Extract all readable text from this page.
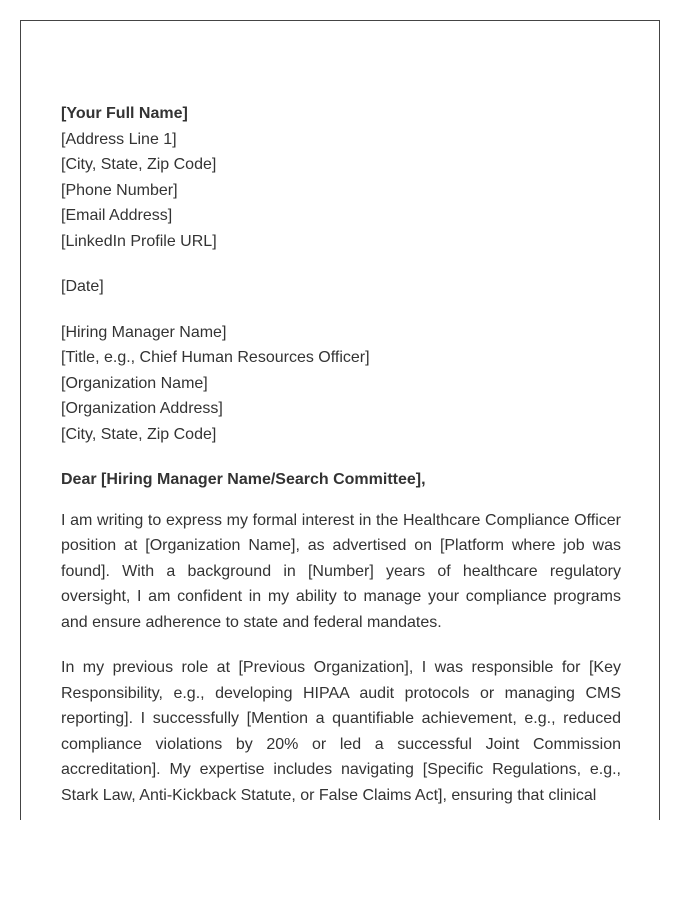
[Your Full Name]
[Address Line 1]
[City, State, Zip Code]
[Phone Number]
[Email Address]
[LinkedIn Profile URL]
[Date]
[Hiring Manager Name]
[Title, e.g., Chief Human Resources Officer]
[Organization Name]
[Organization Address]
[City, State, Zip Code]
Dear [Hiring Manager Name/Search Committee],

I am writing to express my formal interest in the Healthcare Compliance Officer position at [Organization Name], as advertised on [Platform where job was found]. With a background in [Number] years of healthcare regulatory oversight, I am confident in my ability to manage your compliance programs and ensure adherence to state and federal mandates.

In my previous role at [Previous Organization], I was responsible for [Key Responsibility, e.g., developing HIPAA audit protocols or managing CMS reporting]. I successfully [Mention a quantifiable achievement, e.g., reduced compliance violations by 20% or led a successful Joint Commission accreditation]. My expertise includes navigating [Specific Regulations, e.g., Stark Law, Anti-Kickback Statute, or False Claims Act], ensuring that clinical
